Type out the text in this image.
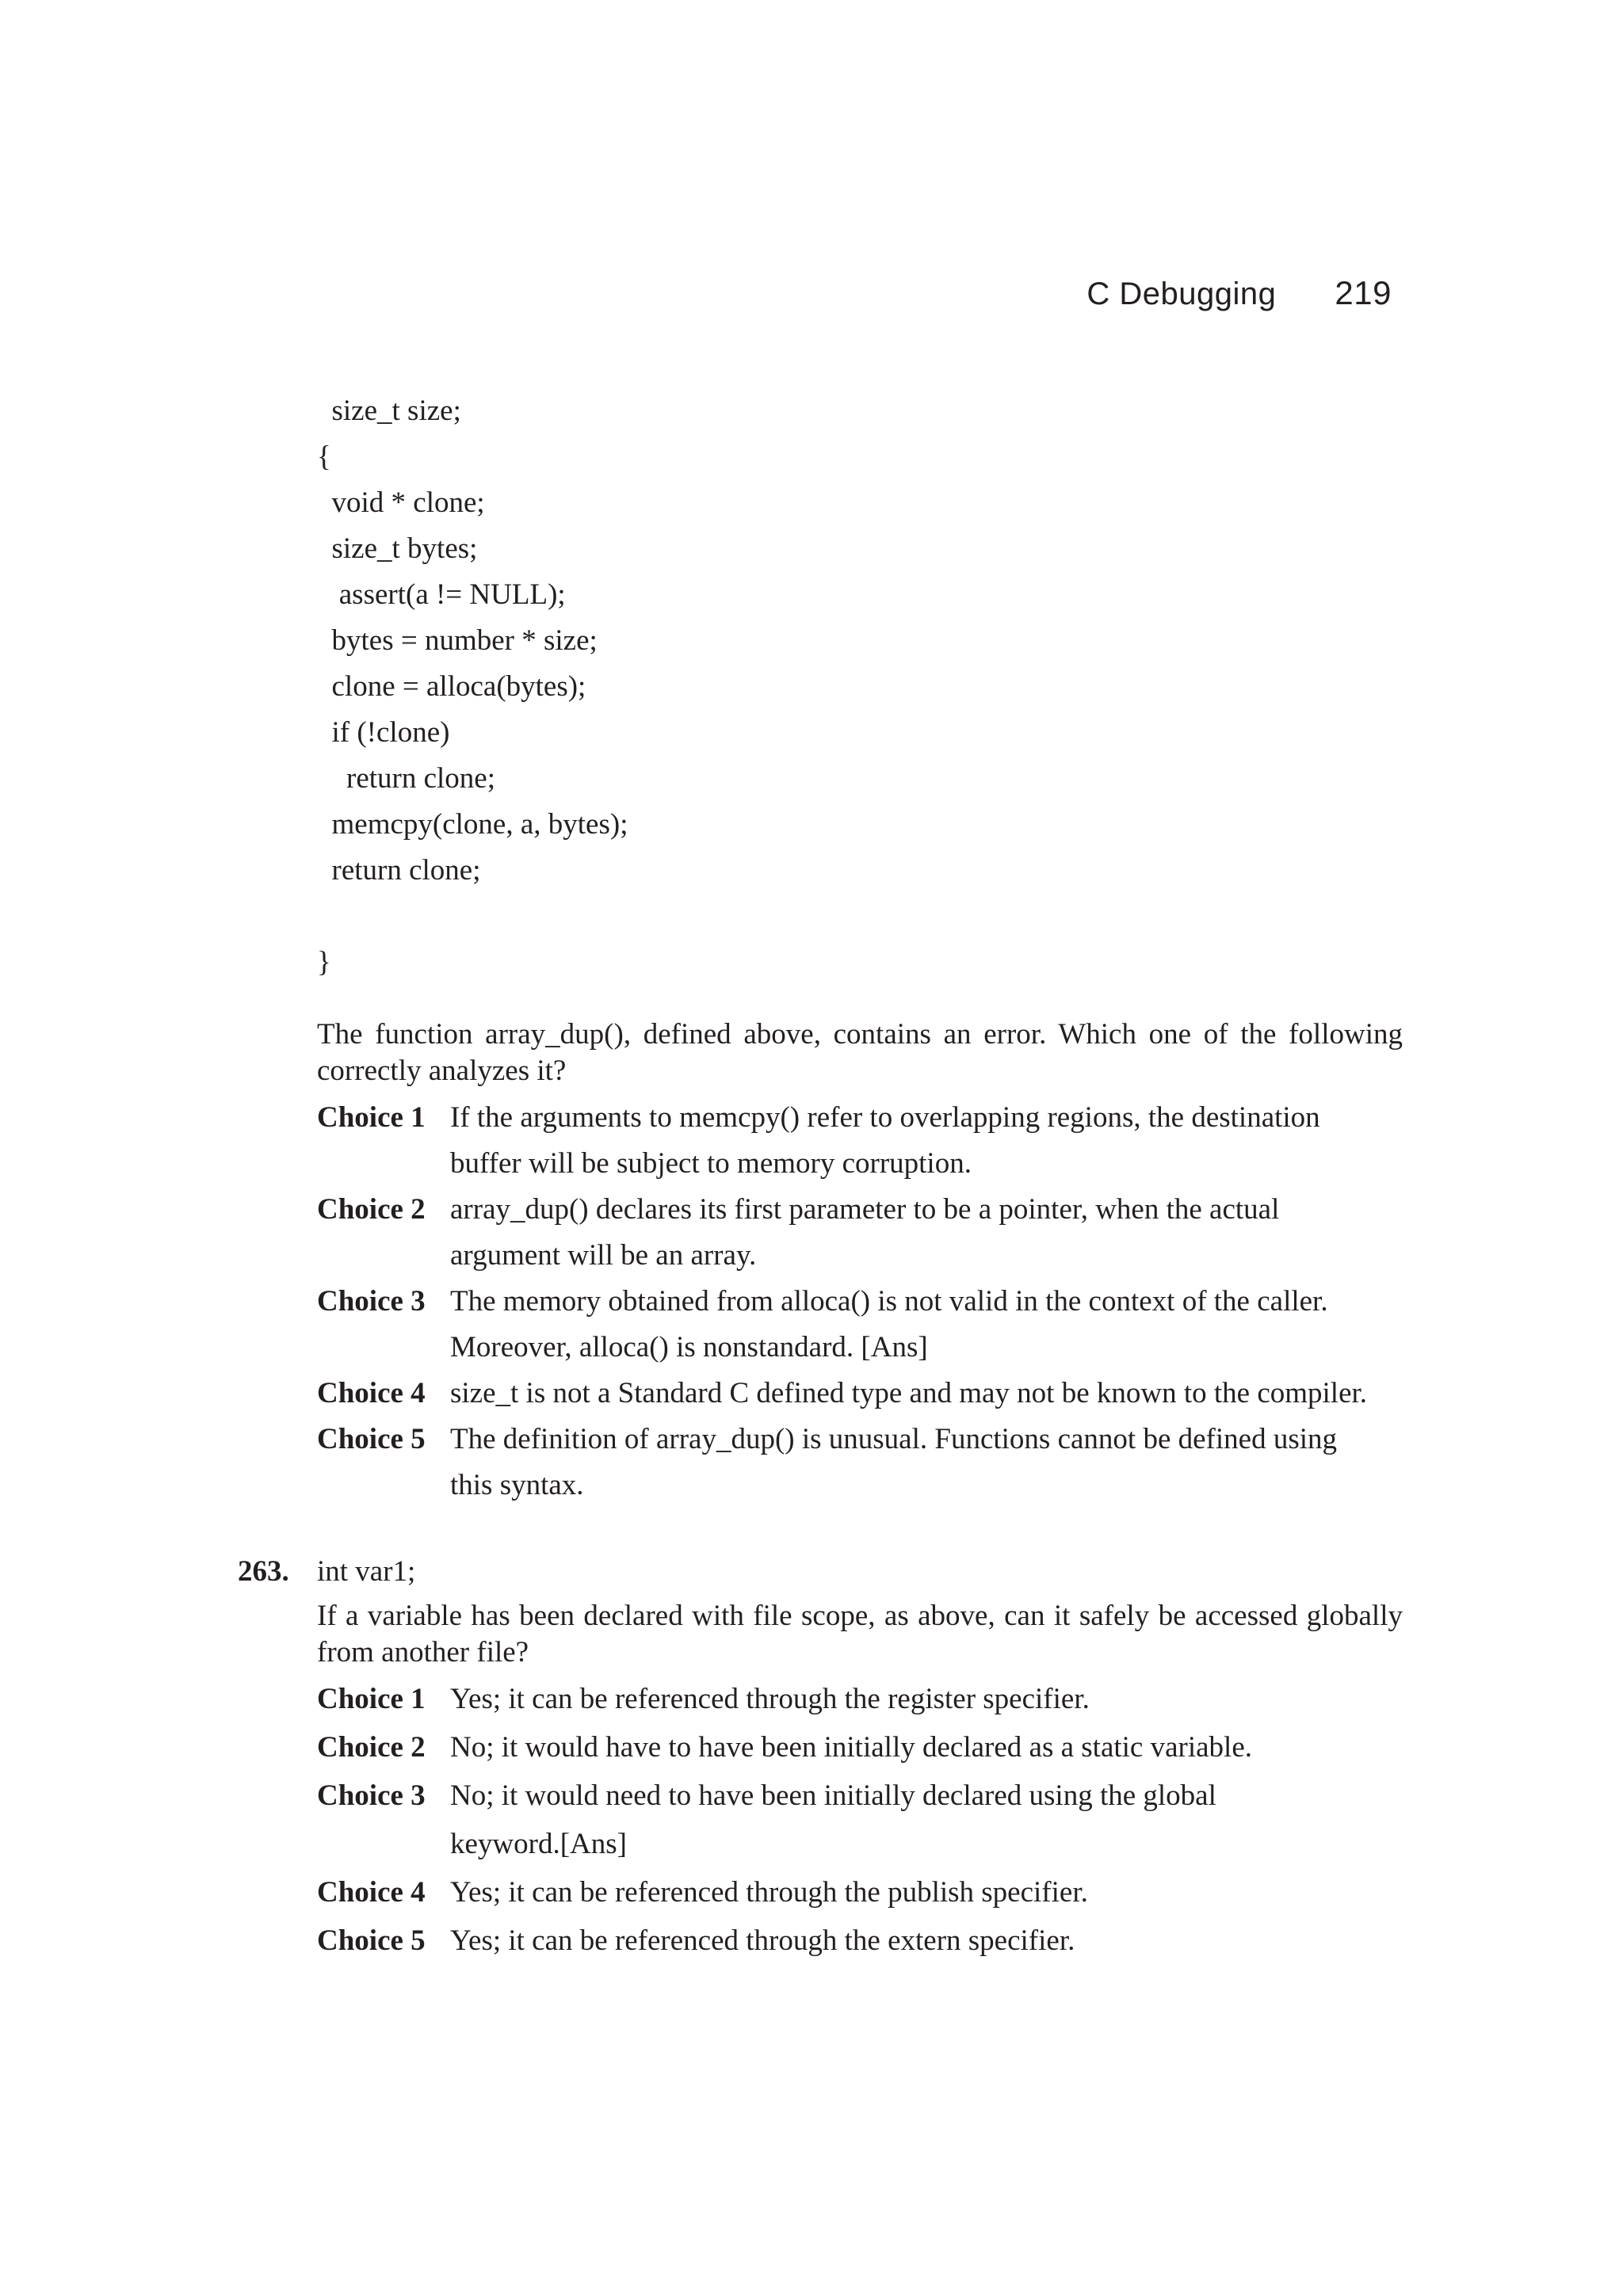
C Debugging 219
size_t size;
{
void * clone;
size_t bytes;
assert(a != NULL);
bytes = number * size;
clone = alloca(bytes);
if (!clone)
return clone;
memcpy(clone, a, bytes);
return clone;
}
The function array_dup(), defined above, contains an error. Which one of the following correctly analyzes it?
Choice 1 If the arguments to memcpy() refer to overlapping regions, the destination buffer will be subject to memory corruption.
Choice 2 array_dup() declares its first parameter to be a pointer, when the actual argument will be an array.
Choice 3 The memory obtained from alloca() is not valid in the context of the caller. Moreover, alloca() is nonstandard. [Ans]
Choice 4 size_t is not a Standard C defined type and may not be known to the compiler.
Choice 5 The definition of array_dup() is unusual. Functions cannot be defined using this syntax.
263. int var1;
If a variable has been declared with file scope, as above, can it safely be accessed globally from another file?
Choice 1 Yes; it can be referenced through the register specifier.
Choice 2 No; it would have to have been initially declared as a static variable.
Choice 3 No; it would need to have been initially declared using the global keyword.[Ans]
Choice 4 Yes; it can be referenced through the publish specifier.
Choice 5 Yes; it can be referenced through the extern specifier.
